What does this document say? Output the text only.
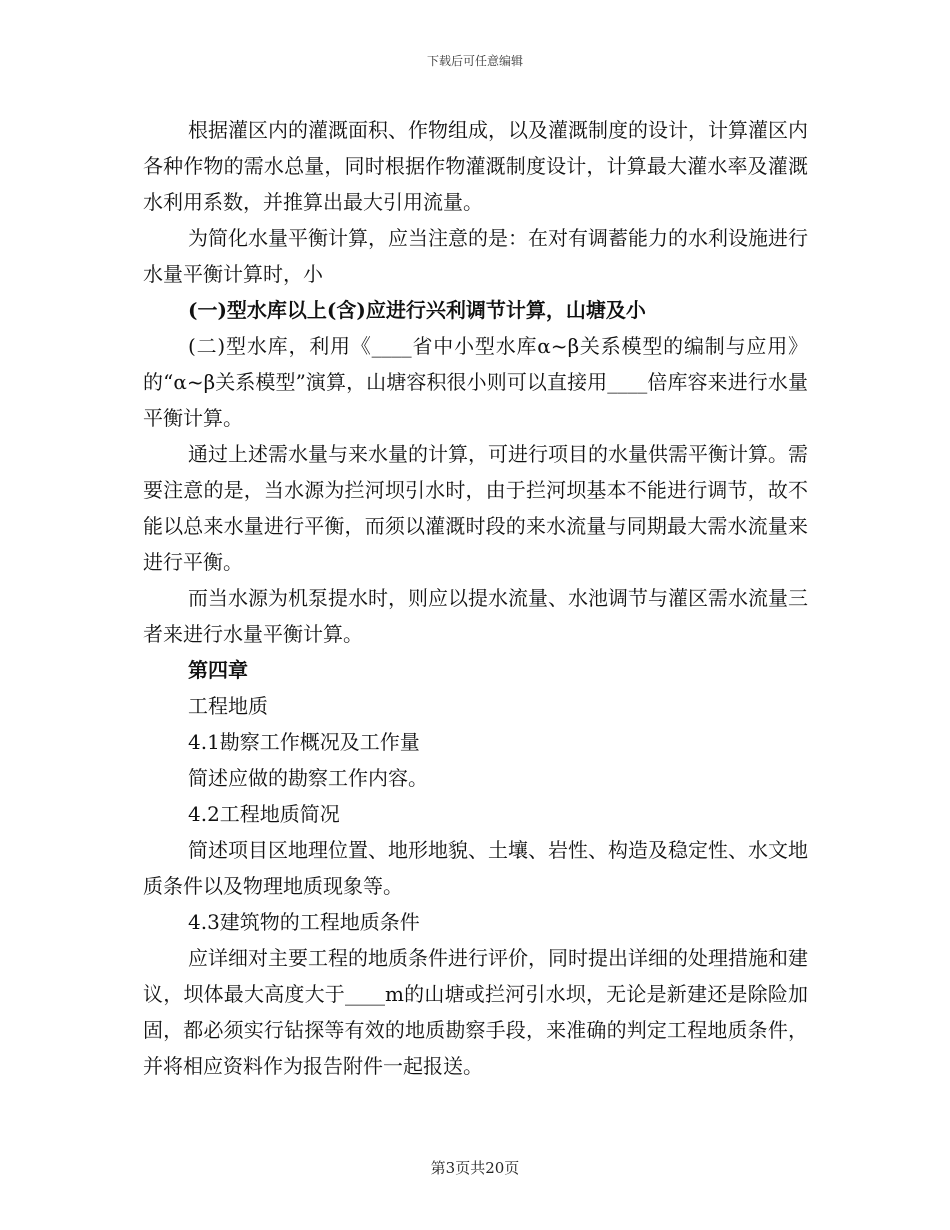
下载后可任意编辑

根据灌区内的灌溉面积、作物组成，以及灌溉制度的设计，计算灌区内各种作物的需水总量，同时根据作物灌溉制度设计，计算最大灌水率及灌溉水利用系数，并推算出最大引用流量。

为简化水量平衡计算，应当注意的是：在对有调蓄能力的水利设施进行水量平衡计算时，小

(一)型水库以上(含)应进行兴利调节计算，山塘及小

(二)型水库，利用《____省中小型水库α~β关系模型的编制与应用》的“α~β关系模型”演算，山塘容积很小则可以直接用____倍库容来进行水量平衡计算。

通过上述需水量与来水量的计算，可进行项目的水量供需平衡计算。需要注意的是，当水源为拦河坝引水时，由于拦河坝基本不能进行调节，故不能以总来水量进行平衡，而须以灌溉时段的来水流量与同期最大需水流量来进行平衡。

而当水源为机泵提水时，则应以提水流量、水池调节与灌区需水流量三者来进行水量平衡计算。

第四章

工程地质

4.1勘察工作概况及工作量

简述应做的勘察工作内容。

4.2工程地质简况

简述项目区地理位置、地形地貌、土壤、岩性、构造及稳定性、水文地质条件以及物理地质现象等。

4.3建筑物的工程地质条件

应详细对主要工程的地质条件进行评价，同时提出详细的处理措施和建议，坝体最大高度大于____m的山塘或拦河引水坝，无论是新建还是除险加固，都必须实行钻探等有效的地质勘察手段，来准确的判定工程地质条件，并将相应资料作为报告附件一起报送。

第3页共20页
